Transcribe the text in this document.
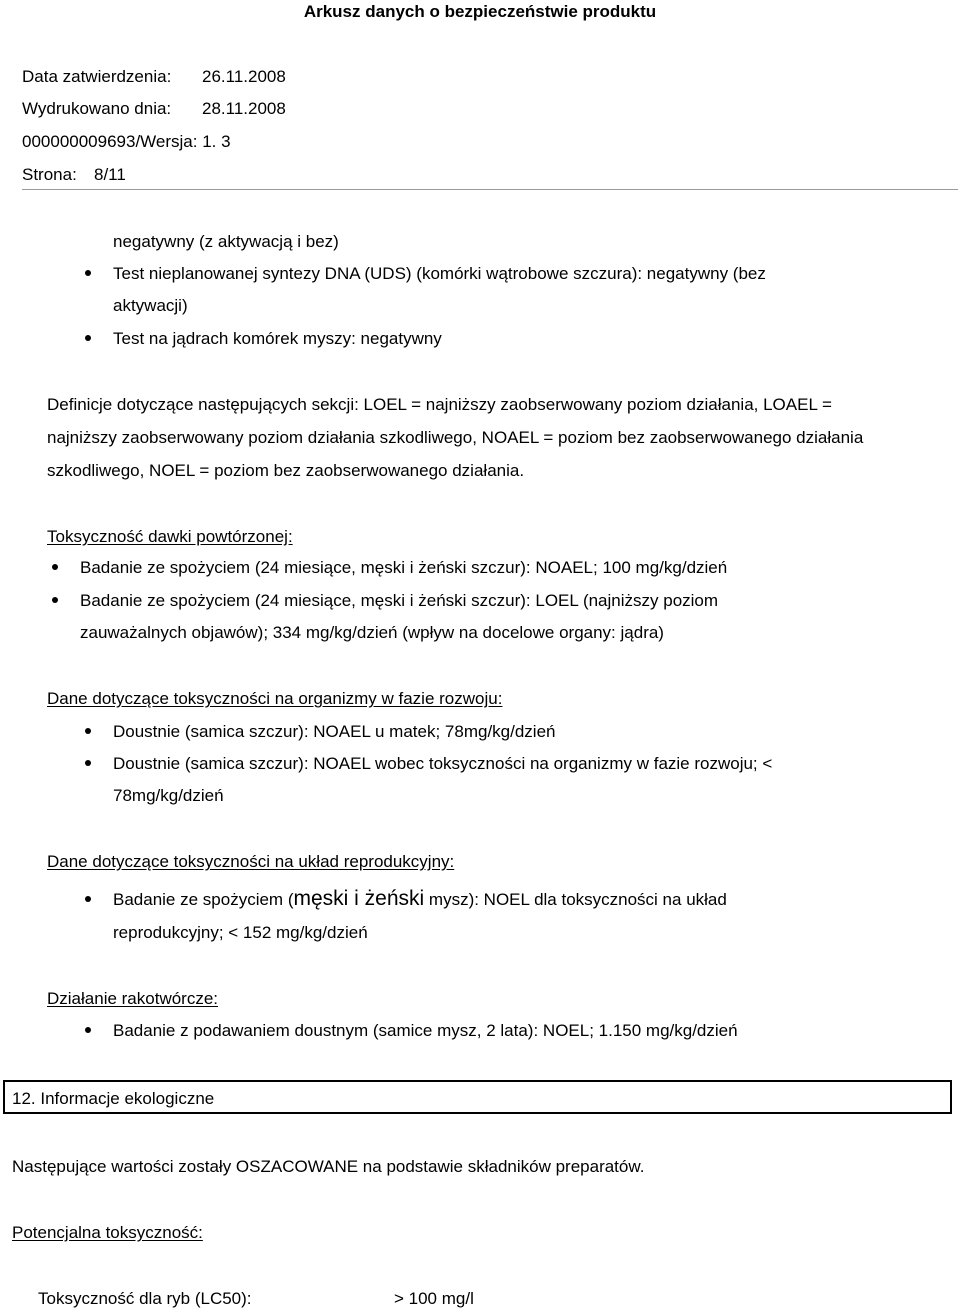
Arkusz danych o bezpieczeństwie produktu
Data zatwierdzenia: 26.11.2008
Wydrukowano dnia: 28.11.2008
000000009693/Wersja: 1. 3
Strona: 8/11
negatywny (z aktywacją i bez)
Test nieplanowanej syntezy DNA (UDS) (komórki wątrobowe szczura): negatywny (bez
aktywacji)
Test na jądrach komórek myszy: negatywny
Definicje dotyczące następujących sekcji: LOEL = najniższy zaobserwowany poziom działania, LOAEL =
najniższy zaobserwowany poziom działania szkodliwego, NOAEL = poziom bez zaobserwowanego działania
szkodliwego, NOEL = poziom bez zaobserwowanego działania.
Toksyczność dawki powtórzonej:
Badanie ze spożyciem (24 miesiące, męski i żeński szczur): NOAEL; 100 mg/kg/dzień
Badanie ze spożyciem (24 miesiące, męski i żeński szczur): LOEL (najniższy poziom
zauważalnych objawów); 334 mg/kg/dzień (wpływ na docelowe organy: jądra)
Dane dotyczące toksyczności na organizmy w fazie rozwoju:
Doustnie (samica szczur): NOAEL u matek; 78mg/kg/dzień
Doustnie (samica szczur): NOAEL wobec toksyczności na organizmy w fazie rozwoju; <
78mg/kg/dzień
Dane dotyczące toksyczności na układ reprodukcyjny:
Badanie ze spożyciem (męski i żeński mysz): NOEL dla toksyczności na układ
reprodukcyjny; < 152 mg/kg/dzień
Działanie rakotwórcze:
Badanie z podawaniem doustnym (samice mysz, 2 lata): NOEL; 1.150 mg/kg/dzień
12. Informacje ekologiczne
Następujące wartości zostały OSZACOWANE na podstawie składników preparatów.
Potencjalna toksyczność:
Toksyczność dla ryb (LC50):	> 100 mg/l
